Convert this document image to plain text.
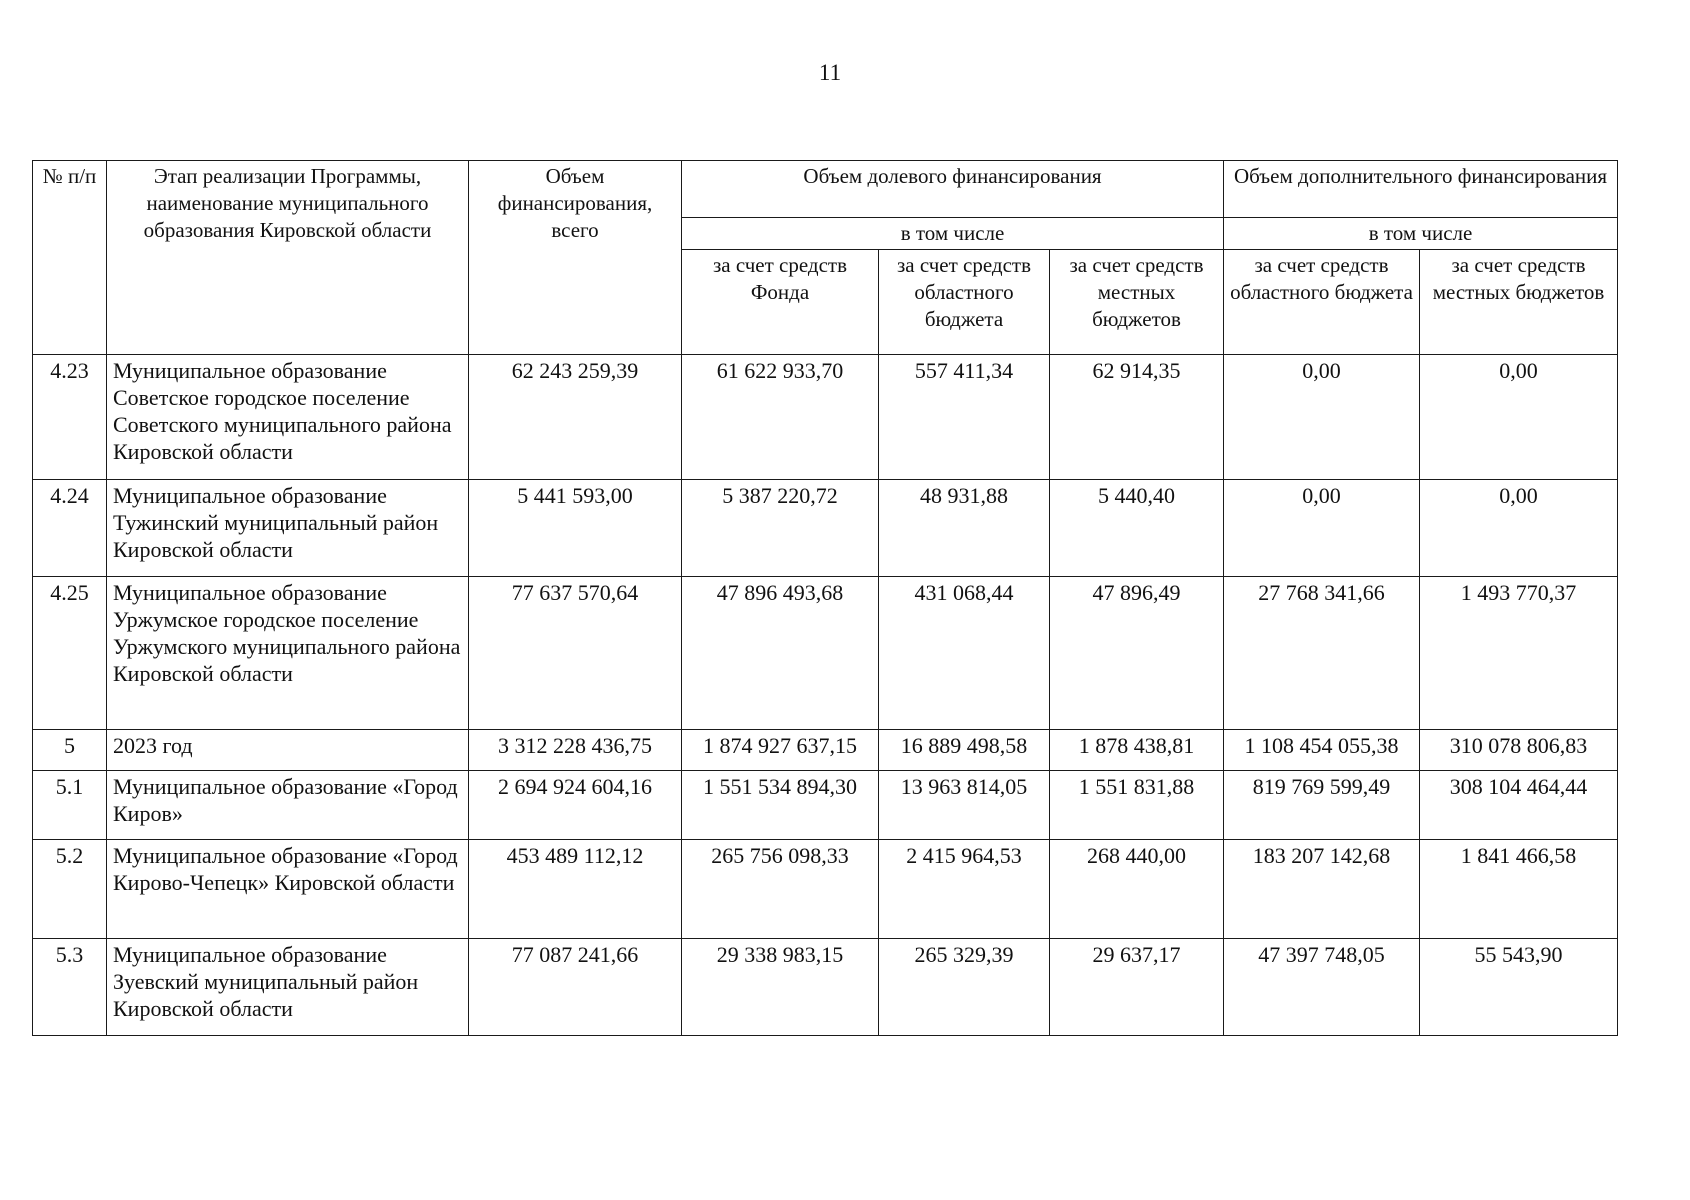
11
№ п/п	Этап реализации Программы, наименование муниципального образования Кировской области	Объем финансирования, всего	Объем долевого финансирования			Объем дополнительного финансирования	
			в том числе			в том числе	
			за счет средств Фонда	за счет средств областного бюджета	за счет средств местных бюджетов	за счет средств областного бюджета	за счет средств местных бюджетов
4.23	Муниципальное образование Советское городское поселение Советского муниципального района Кировской области	62 243 259,39	61 622 933,70	557 411,34	62 914,35	0,00	0,00
4.24	Муниципальное образование Тужинский муниципальный район Кировской области	5 441 593,00	5 387 220,72	48 931,88	5 440,40	0,00	0,00
4.25	Муниципальное образование Уржумское городское поселение Уржумского муниципального района Кировской области	77 637 570,64	47 896 493,68	431 068,44	47 896,49	27 768 341,66	1 493 770,37
5	2023 год	3 312 228 436,75	1 874 927 637,15	16 889 498,58	1 878 438,81	1 108 454 055,38	310 078 806,83
5.1	Муниципальное образование «Город Киров»	2 694 924 604,16	1 551 534 894,30	13 963 814,05	1 551 831,88	819 769 599,49	308 104 464,44
5.2	Муниципальное образование «Город Кирово-Чепецк» Кировской области	453 489 112,12	265 756 098,33	2 415 964,53	268 440,00	183 207 142,68	1 841 466,58
5.3	Муниципальное образование Зуевский муниципальный район Кировской области	77 087 241,66	29 338 983,15	265 329,39	29 637,17	47 397 748,05	55 543,90
